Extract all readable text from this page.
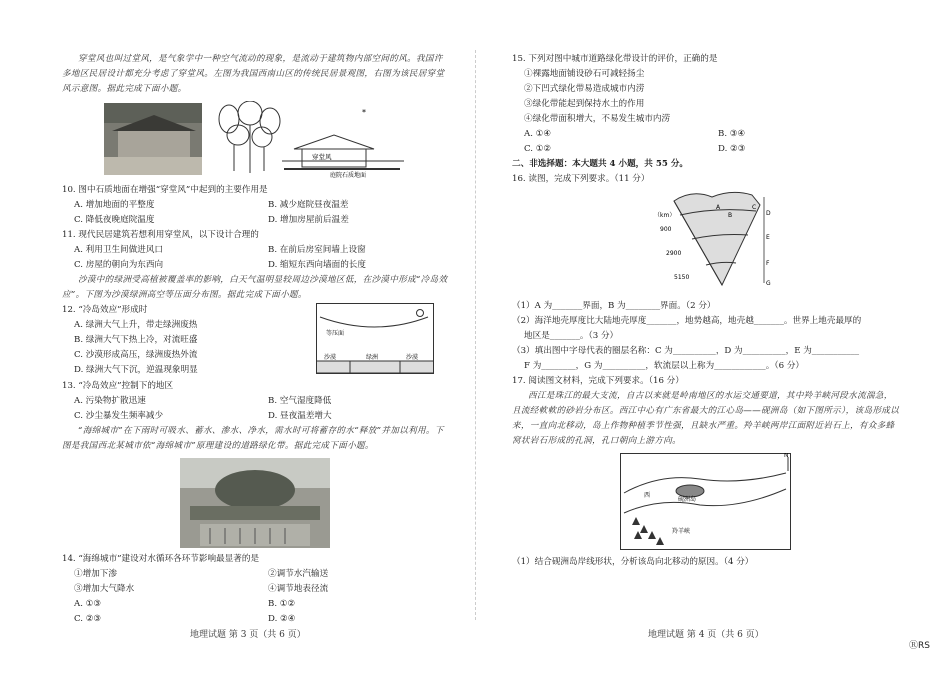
穿堂风也叫过堂风，是气象学中一种空气流动的现象，是流动于建筑物内部空间的风。我国许多地区民居设计都充分考虑了穿堂风。左图为我国西南山区的传统民居景观图，右图为该民居穿堂风示意图。据此完成下面小题。

*
穿堂风
庭院石质地面

10. 图中石质地面在增强“穿堂风”中起到的主要作用是

A. 增加地面的平整度	B. 减少庭院昼夜温差
C. 降低夜晚庭院温度	D. 增加房屋前后温差

11. 现代民居建筑若想利用穿堂风，以下设计合理的

A. 利用卫生间做进风口	B. 在前后房室间墙上设窗
C. 房屋的朝向为东西向	D. 缩短东西向墙面的长度

沙漠中的绿洲受高植被覆盖率的影响，白天气温明显较周边沙漠地区低，在沙漠中形成“冷岛效应”。下图为沙漠绿洲高空等压面分布图。据此完成下面小题。

12. “冷岛效应”形成时

A. 绿洲大气上升，带走绿洲废热

B. 绿洲大气下热上冷，对流旺盛

C. 沙漠形成高压，绿洲废热外流

D. 绿洲大气下沉，逆温现象明显

等压面
沙漠	绿洲	沙漠

13. “冷岛效应”控制下的地区

A. 污染物扩散迅速	B. 空气湿度降低
C. 沙尘暴发生频率减少	D. 昼夜温差增大

“海绵城市”在下雨时可吸水、蓄水、渗水、净水，需水时可将蓄存的水“释放”并加以利用。下图是我国西北某城市依“海绵城市”原理建设的道路绿化带。据此完成下面小题。

14. “海绵城市”建设对水循环各环节影响最显著的是

①增加下渗	②调节水汽输送
③增加大气降水	④调节地表径流
A. ①③	B. ①②
C. ②③	D. ②④
地理试题 第 3 页（共 6 页）

15. 下列对图中城市道路绿化带设计的评价，正确的是

①裸露地面铺设砂石可减轻扬尘

②下凹式绿化带易造成城市内涝

③绿化带能起到保持水土的作用

④绿化带面积增大，不易发生城市内涝

A. ①④	B. ③④
C. ①②	D. ②③

二、非选择题：本大题共 4 小题，共 55 分。

16. 读图，完成下列要求。（11 分）

（km）
900
2900
5150
A
B
C
D
E
F
G

（1）A 为_______界面，B 为________界面。（2 分）

（2）海洋地壳厚度比大陆地壳厚度_______，地势越高，地壳越_______。世界上地壳最厚的

地区是_______。（3 分）

（3）填出图中字母代表的圈层名称：C 为__________，D 为__________，E 为___________

F 为________，G 为__________，软流层以上称为____________。（6 分）

17. 阅读图文材料，完成下列要求。（16 分）

西江是珠江的最大支流，自古以来就是岭南地区的水运交通要道，其中羚羊峡河段水流湍急，且流经軟軟的砂岩分布区。西江中心有广东省最大的江心岛——砚洲岛（如下图所示），该岛形成以来，一直向北移动，岛上作物种植季节性强，且缺水严重。羚羊峡两岸江面附近岩石上，有众多蜂窝状岩石形成的孔洞，孔口朝向上游方向。

N
砚洲岛
羚羊峡
西

（1）结合砚洲岛岸线形状，分析该岛向北移动的原因。（4 分）

地理试题 第 4 页（共 6 页）
ⓇRS
